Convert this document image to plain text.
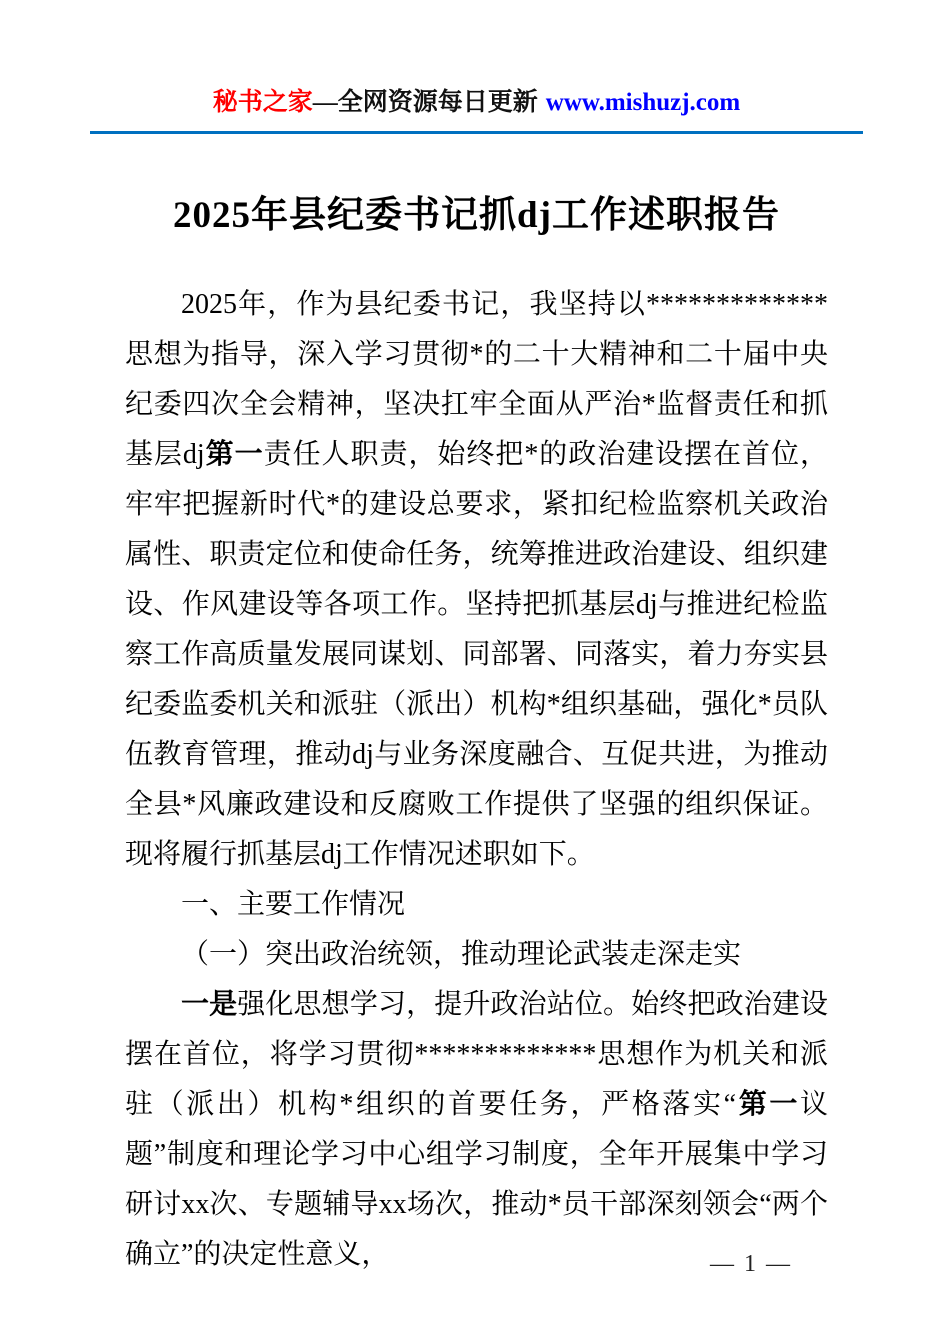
秘书之家—全网资源每日更新 www.mishuzj.com
2025年县纪委书记抓dj工作述职报告

2025年，作为县纪委书记，我坚持以*************思想为指导，深入学习贯彻*的二十大精神和二十届中央纪委四次全会精神，坚决扛牢全面从严治*监督责任和抓基层dj第一责任人职责，始终把*的政治建设摆在首位，牢牢把握新时代*的建设总要求，紧扣纪检监察机关政治属性、职责定位和使命任务，统筹推进政治建设、组织建设、作风建设等各项工作。坚持把抓基层dj与推进纪检监察工作高质量发展同谋划、同部署、同落实，着力夯实县纪委监委机关和派驻（派出）机构*组织基础，强化*员队伍教育管理，推动dj与业务深度融合、互促共进，为推动全县*风廉政建设和反腐败工作提供了坚强的组织保证。现将履行抓基层dj工作情况述职如下。

一、主要工作情况

（一）突出政治统领，推动理论武装走深走实

一是强化思想学习，提升政治站位。始终把政治建设摆在首位，将学习贯彻*************思想作为机关和派驻（派出）机构*组织的首要任务，严格落实“第一议题”制度和理论学习中心组学习制度，全年开展集中学习研讨xx次、专题辅导xx场次，推动*员干部深刻领会“两个确立”的决定性意义，	— 1 —
